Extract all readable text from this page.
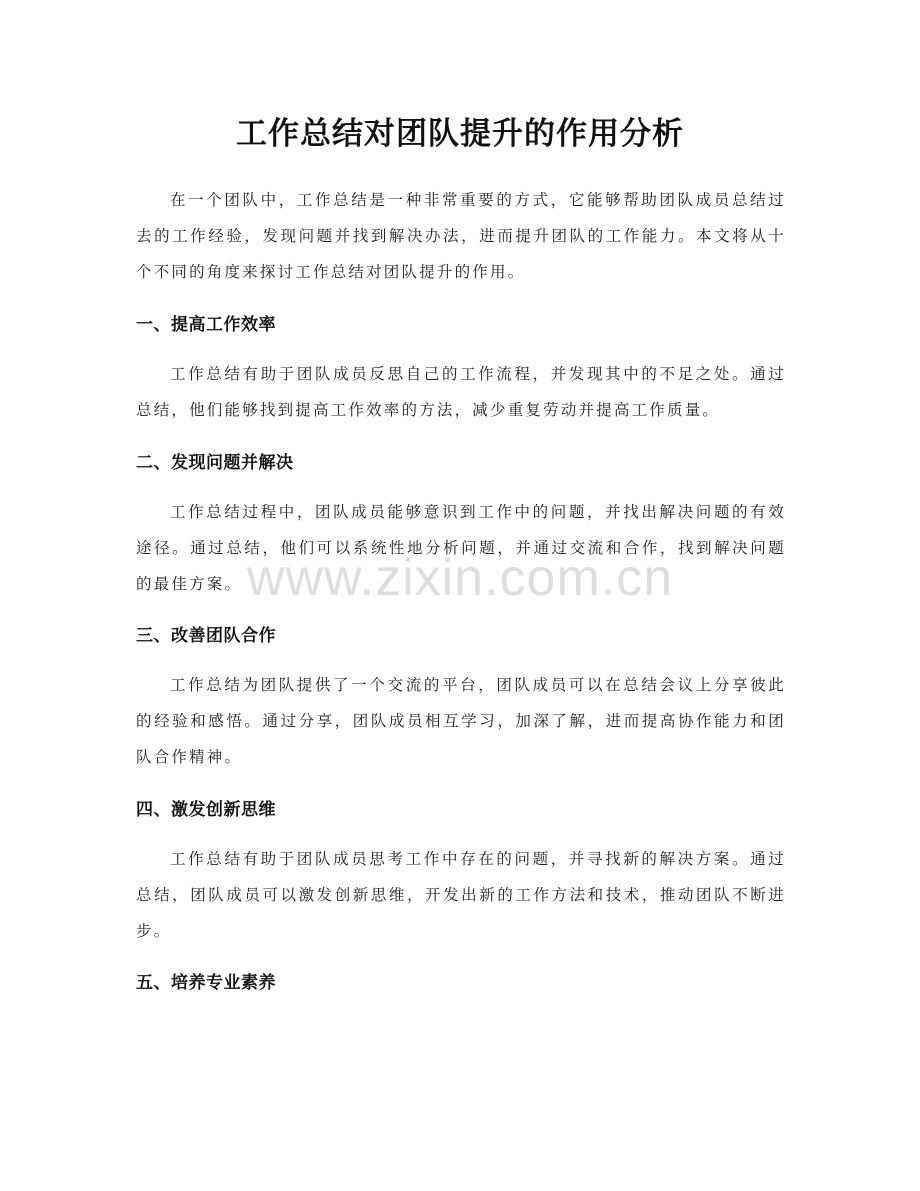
工作总结对团队提升的作用分析
在一个团队中，工作总结是一种非常重要的方式，它能够帮助团队成员总结过去的工作经验，发现问题并找到解决办法，进而提升团队的工作能力。本文将从十个不同的角度来探讨工作总结对团队提升的作用。
一、提高工作效率
工作总结有助于团队成员反思自己的工作流程，并发现其中的不足之处。通过总结，他们能够找到提高工作效率的方法，减少重复劳动并提高工作质量。
二、发现问题并解决
工作总结过程中，团队成员能够意识到工作中的问题，并找出解决问题的有效途径。通过总结，他们可以系统性地分析问题，并通过交流和合作，找到解决问题的最佳方案。
三、改善团队合作
工作总结为团队提供了一个交流的平台，团队成员可以在总结会议上分享彼此的经验和感悟。通过分享，团队成员相互学习，加深了解，进而提高协作能力和团队合作精神。
四、激发创新思维
工作总结有助于团队成员思考工作中存在的问题，并寻找新的解决方案。通过总结，团队成员可以激发创新思维，开发出新的工作方法和技术，推动团队不断进步。
五、培养专业素养
www.zixin.com.cn
